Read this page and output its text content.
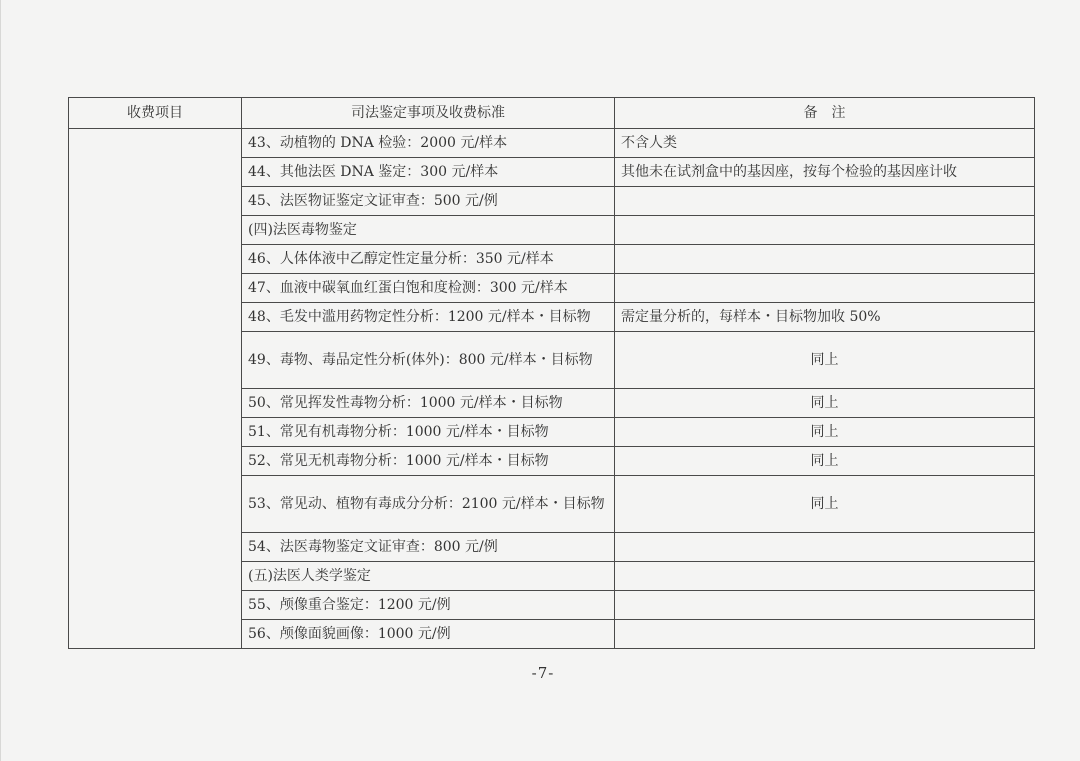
收费项目	司法鉴定事项及收费标准	备　注
	43、动植物的 DNA 检验：2000 元/样本	不含人类
	44、其他法医 DNA 鉴定：300 元/样本	其他未在试剂盒中的基因座，按每个检验的基因座计收
	45、法医物证鉴定文证审查：500 元/例	
	(四)法医毒物鉴定	
	46、人体体液中乙醇定性定量分析：350 元/样本	
	47、血液中碳氧血红蛋白饱和度检测：300 元/样本	
	48、毛发中滥用药物定性分析：1200 元/样本・目标物	需定量分析的，每样本・目标物加收 50%
	49、毒物、毒品定性分析(体外)：800 元/样本・目标物	同上
	50、常见挥发性毒物分析：1000 元/样本・目标物	同上
	51、常见有机毒物分析：1000 元/样本・目标物	同上
	52、常见无机毒物分析：1000 元/样本・目标物	同上
	53、常见动、植物有毒成分分析：2100 元/样本・目标物	同上
	54、法医毒物鉴定文证审查：800 元/例	
	(五)法医人类学鉴定	
	55、颅像重合鉴定：1200 元/例	
	56、颅像面貌画像：1000 元/例	
-7-
